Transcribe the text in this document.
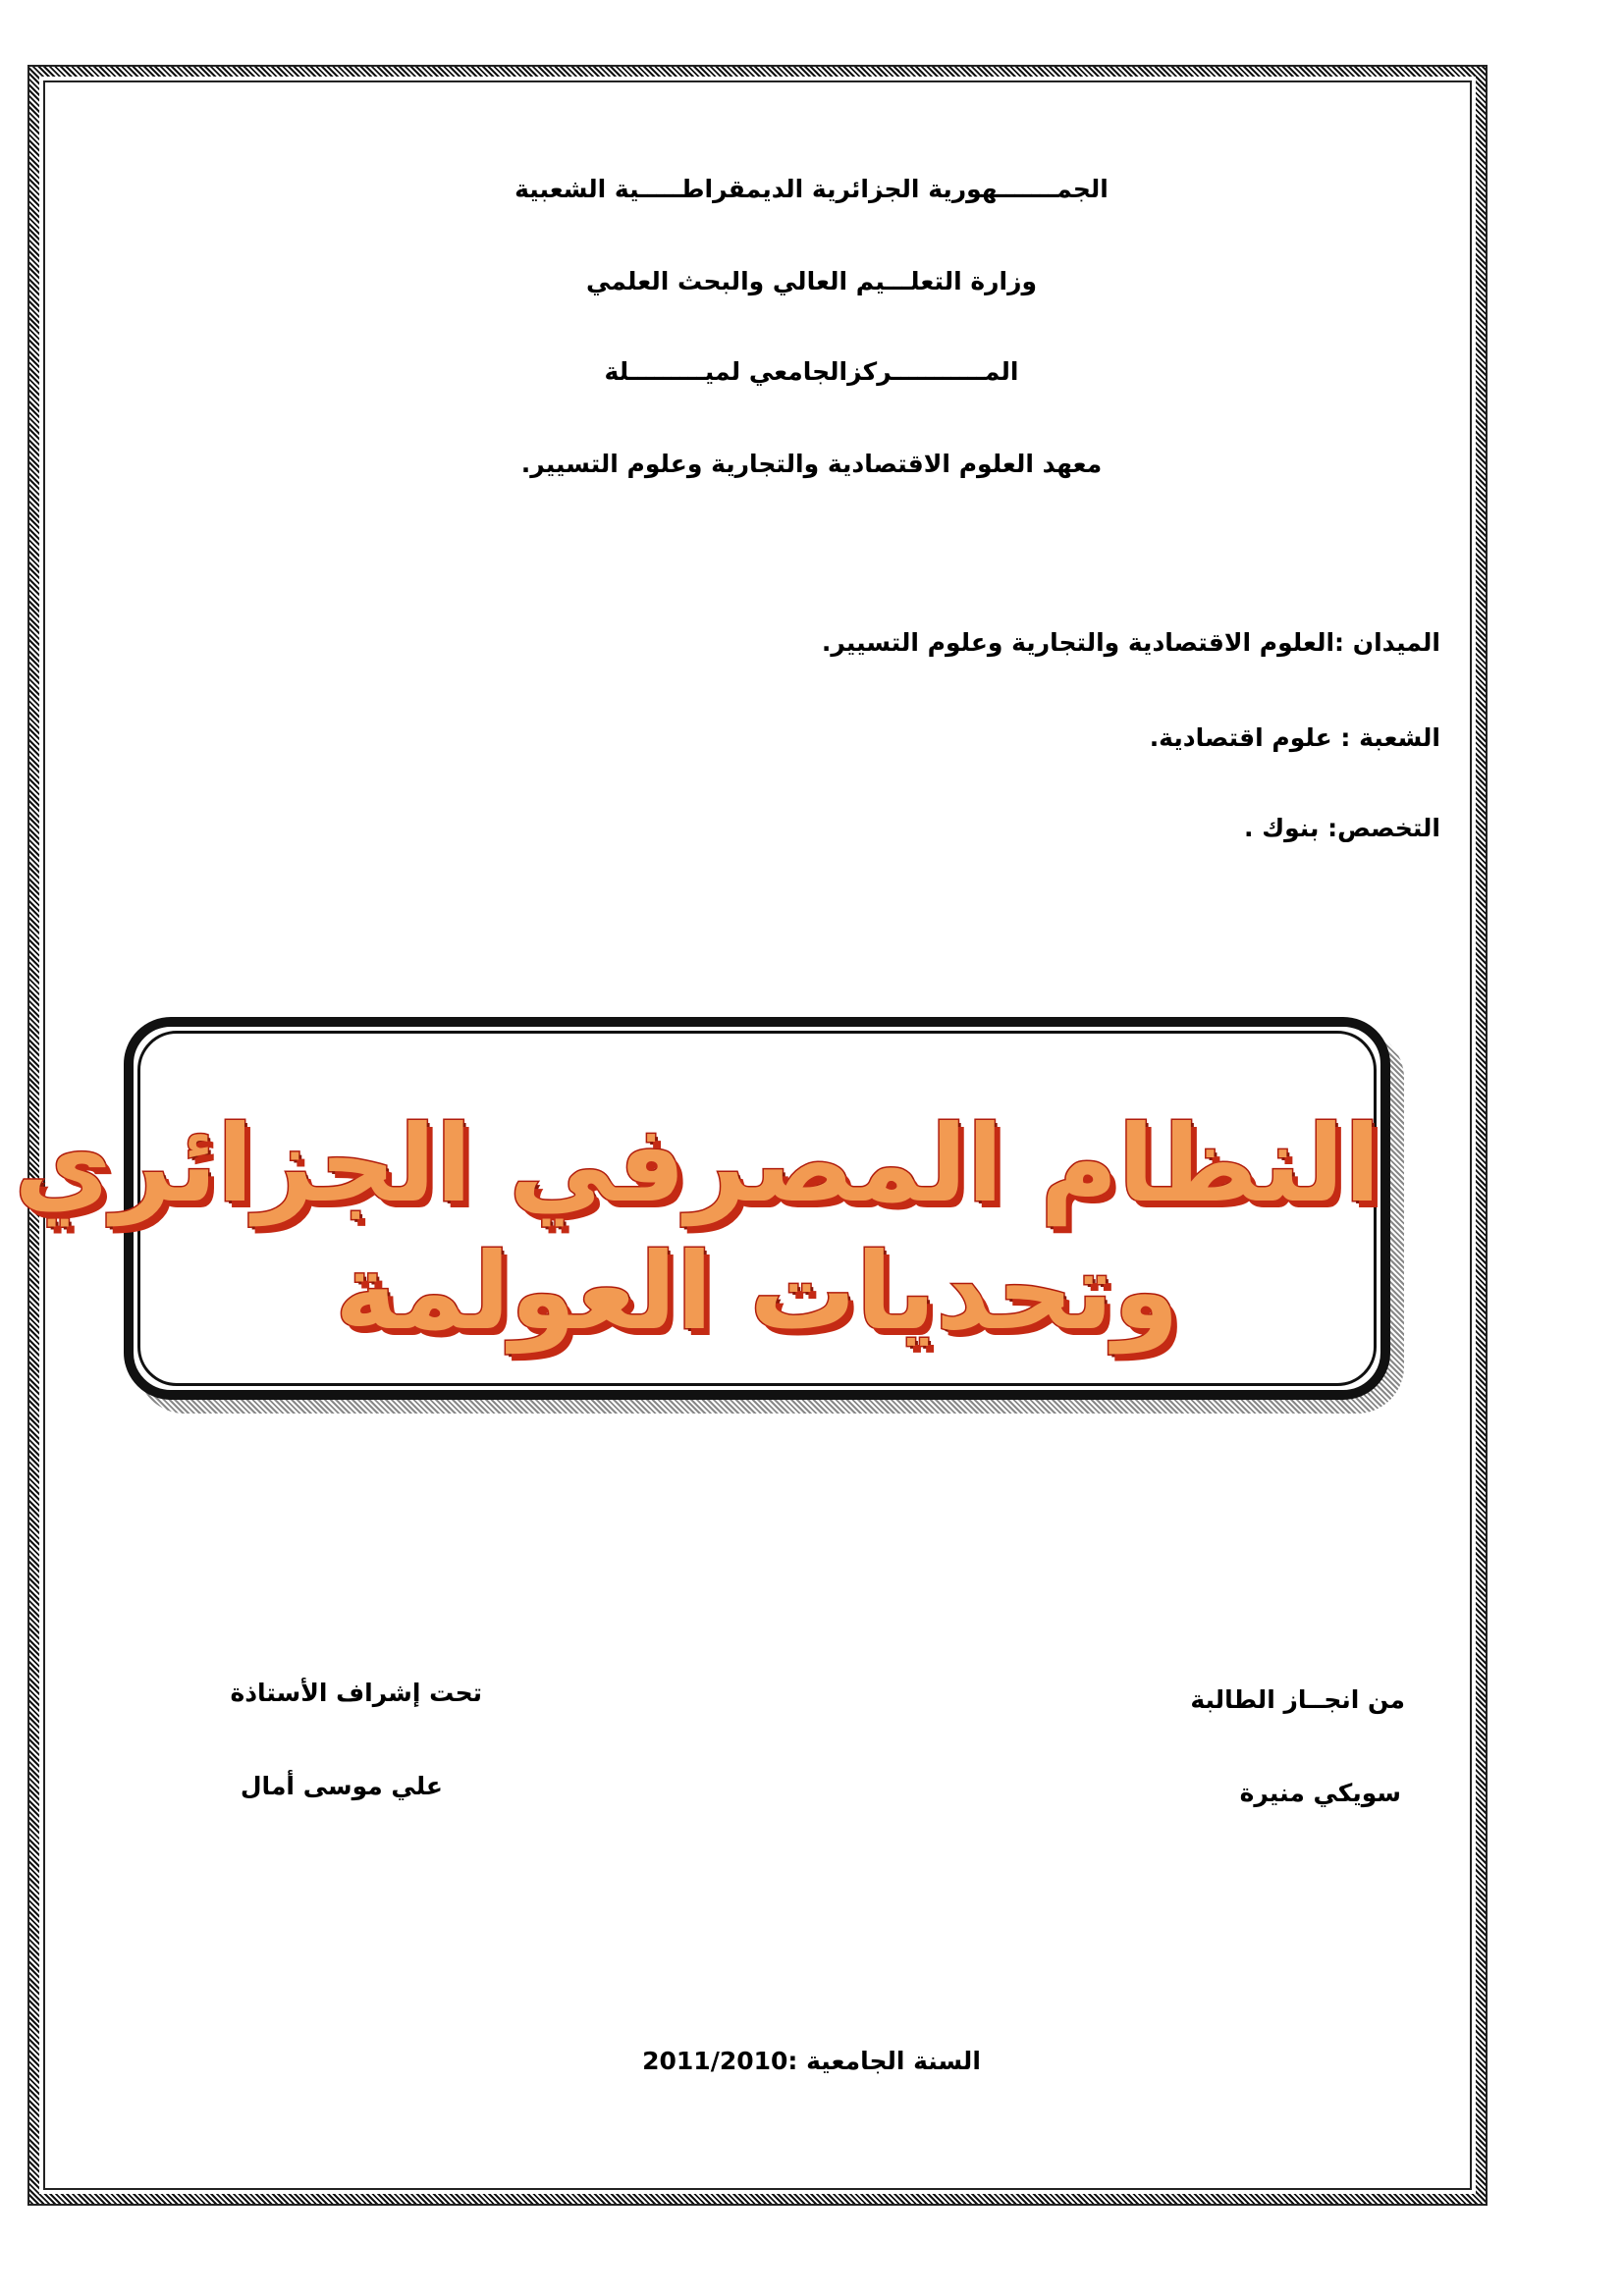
الجمـــــــهورية الجزائرية الديمقراطـــــية الشعبية
وزارة التعلـــيم العالي والبحث العلمي
المـــــــــــركزالجامعي لميـــــــــلة
معهد العلوم الاقتصادية والتجارية وعلوم التسيير.
الميدان :العلوم الاقتصادية والتجارية وعلوم التسيير.
الشعبة : علوم اقتصادية.
التخصص: بنوك .
النظام المصرفي الجزائري
وتحديات العولمة
من انجــاز الطالبة
سويكي منيرة
تحت إشراف الأستاذة
علي موسى أمال
السنة الجامعية :2011/2010
